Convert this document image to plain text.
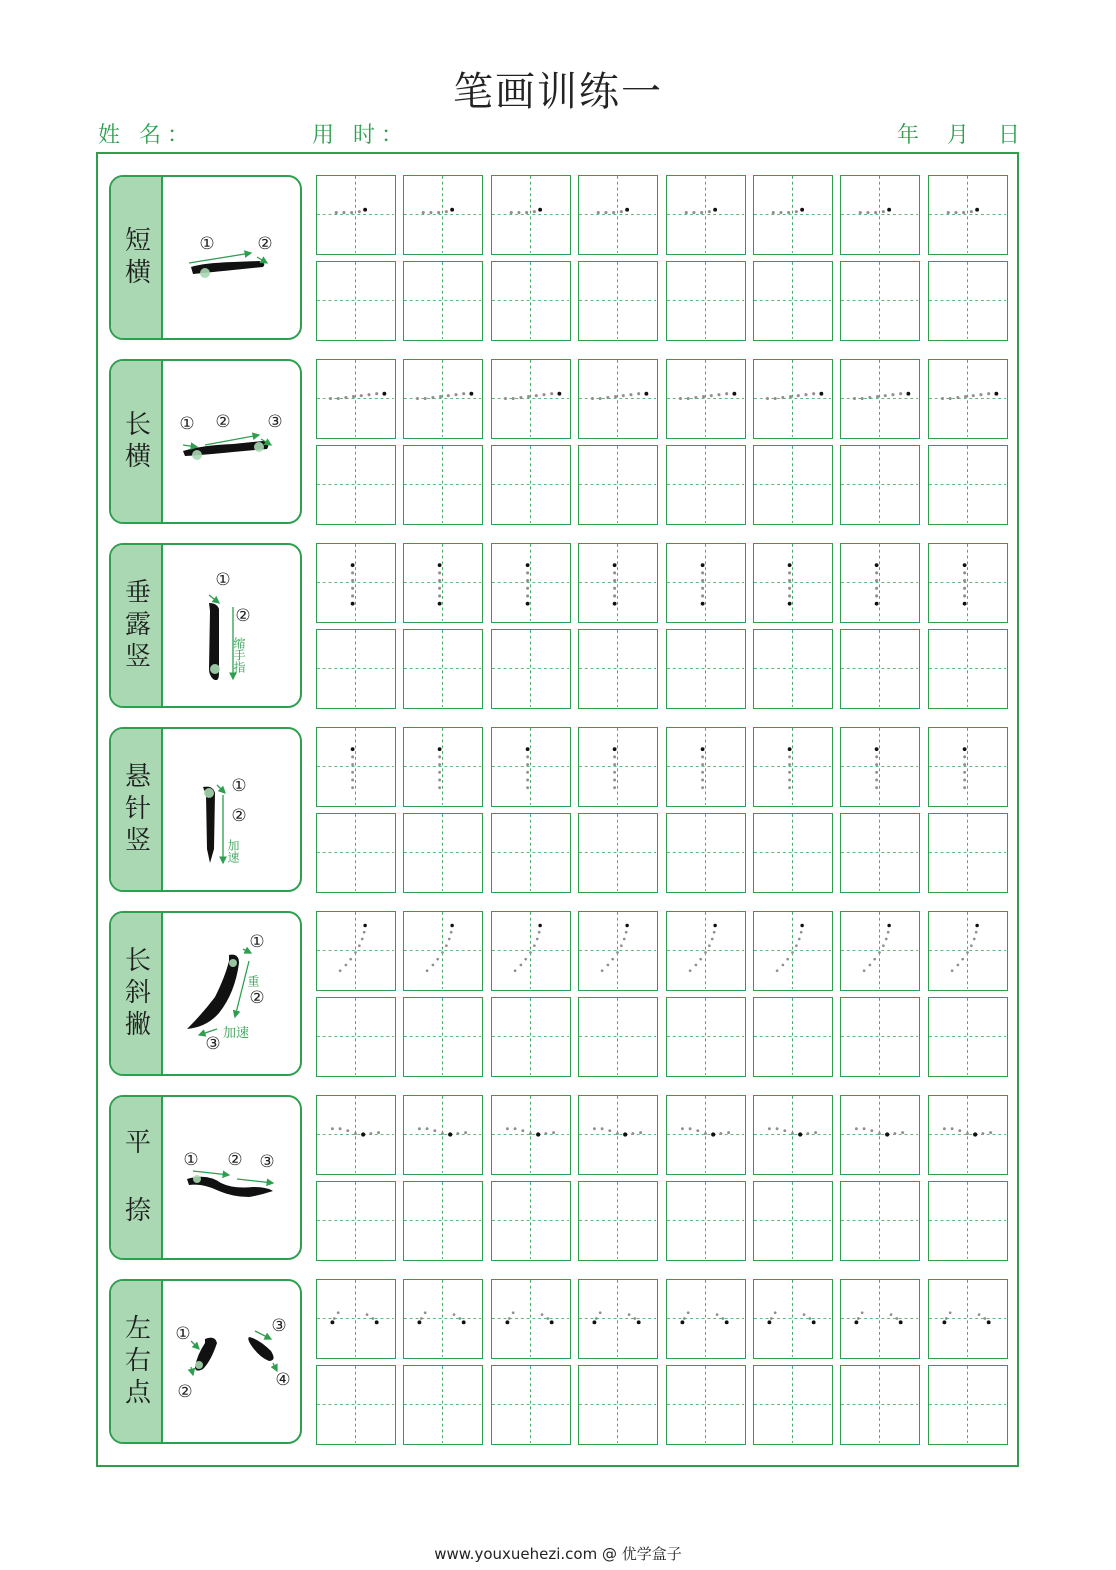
笔画训练一
姓 名：	用 时：	年 月 日
短横	①	②
长横 ① ② ③
垂露竖	①
②
缩手指
悬针竖	①
②
加速
长斜撇
①
②
③
重
加速
平 捺 ① ② ③
左右点 ①
②
③
④
www.youxuehezi.com @ 优学盒子
